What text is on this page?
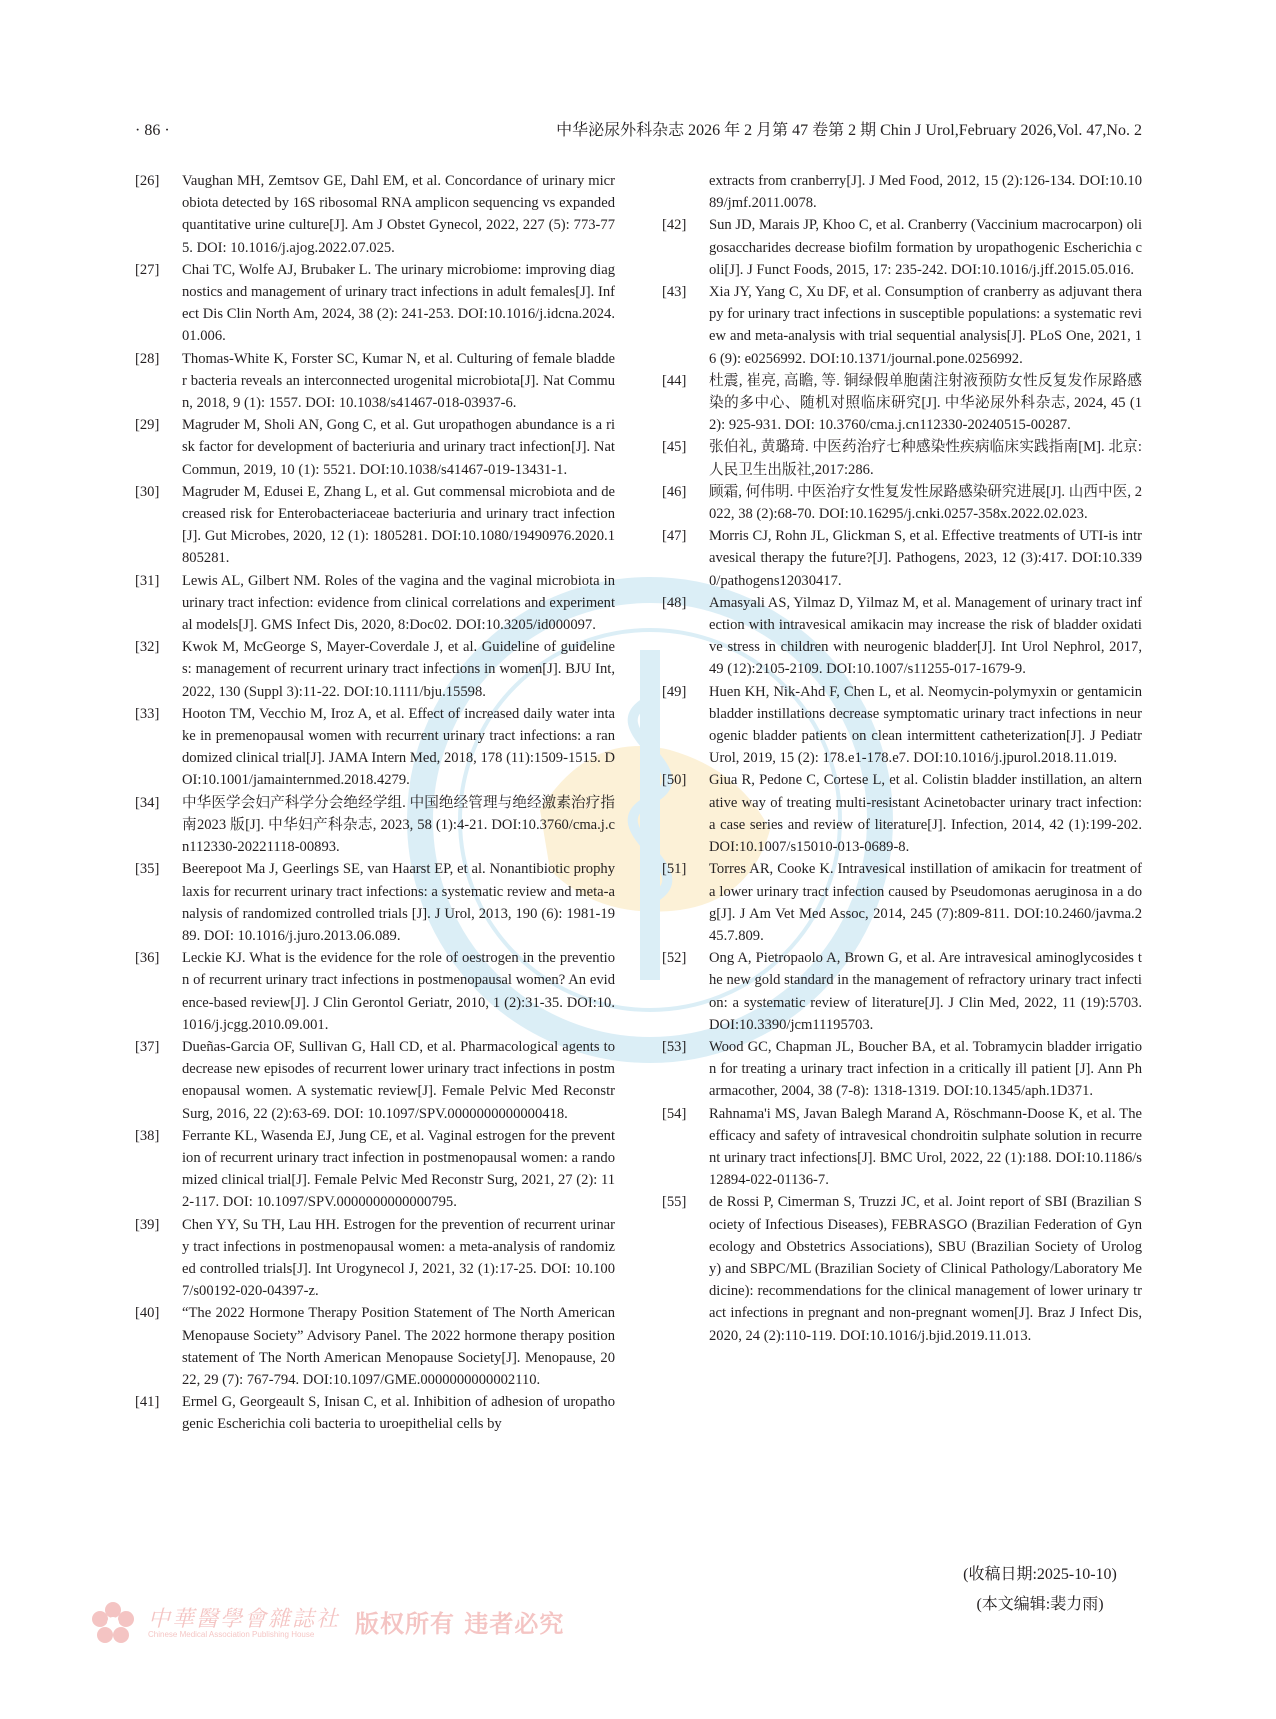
· 86 ·	中华泌尿外科杂志 2026 年 2 月第 47 卷第 2 期 Chin J Urol,February 2026,Vol. 47,No. 2
[26]	Vaughan MH, Zemtsov GE, Dahl EM, et al. Concordance of urinary microbiota detected by 16S ribosomal RNA amplicon sequencing vs expanded quantitative urine culture[J]. Am J Obstet Gynecol, 2022, 227 (5): 773-775. DOI: 10.1016/j.ajog.2022.07.025.
[27]	Chai TC, Wolfe AJ, Brubaker L. The urinary microbiome: improving diagnostics and management of urinary tract infections in adult females[J]. Infect Dis Clin North Am, 2024, 38 (2): 241-253. DOI:10.1016/j.idcna.2024.01.006.
[28]	Thomas-White K, Forster SC, Kumar N, et al. Culturing of female bladder bacteria reveals an interconnected urogenital microbiota[J]. Nat Commun, 2018, 9 (1): 1557. DOI: 10.1038/s41467-018-03937-6.
[29]	Magruder M, Sholi AN, Gong C, et al. Gut uropathogen abundance is a risk factor for development of bacteriuria and urinary tract infection[J]. Nat Commun, 2019, 10 (1): 5521. DOI:10.1038/s41467-019-13431-1.
[30]	Magruder M, Edusei E, Zhang L, et al. Gut commensal microbiota and decreased risk for Enterobacteriaceae bacteriuria and urinary tract infection[J]. Gut Microbes, 2020, 12 (1): 1805281. DOI:10.1080/19490976.2020.1805281.
[31]	Lewis AL, Gilbert NM. Roles of the vagina and the vaginal microbiota in urinary tract infection: evidence from clinical correlations and experimental models[J]. GMS Infect Dis, 2020, 8:Doc02. DOI:10.3205/id000097.
[32]	Kwok M, McGeorge S, Mayer-Coverdale J, et al. Guideline of guidelines: management of recurrent urinary tract infections in women[J]. BJU Int, 2022, 130 (Suppl 3):11-22. DOI:10.1111/bju.15598.
[33]	Hooton TM, Vecchio M, Iroz A, et al. Effect of increased daily water intake in premenopausal women with recurrent urinary tract infections: a randomized clinical trial[J]. JAMA Intern Med, 2018, 178 (11):1509-1515. DOI:10.1001/jamainternmed.2018.4279.
[34]	中华医学会妇产科学分会绝经学组. 中国绝经管理与绝经激素治疗指南2023 版[J]. 中华妇产科杂志, 2023, 58 (1):4-21. DOI:10.3760/cma.j.cn112330-20221118-00893.
[35]	Beerepoot Ma J, Geerlings SE, van Haarst EP, et al. Nonantibiotic prophylaxis for recurrent urinary tract infections: a systematic review and meta-analysis of randomized controlled trials [J]. J Urol, 2013, 190 (6): 1981-1989. DOI: 10.1016/j.juro.2013.06.089.
[36]	Leckie KJ. What is the evidence for the role of oestrogen in the prevention of recurrent urinary tract infections in postmenopausal women? An evidence-based review[J]. J Clin Gerontol Geriatr, 2010, 1 (2):31-35. DOI:10.1016/j.jcgg.2010.09.001.
[37]	Dueñas-Garcia OF, Sullivan G, Hall CD, et al. Pharmacological agents to decrease new episodes of recurrent lower urinary tract infections in postmenopausal women. A systematic review[J]. Female Pelvic Med Reconstr Surg, 2016, 22 (2):63-69. DOI: 10.1097/SPV.0000000000000418.
[38]	Ferrante KL, Wasenda EJ, Jung CE, et al. Vaginal estrogen for the prevention of recurrent urinary tract infection in postmenopausal women: a randomized clinical trial[J]. Female Pelvic Med Reconstr Surg, 2021, 27 (2): 112-117. DOI: 10.1097/SPV.0000000000000795.
[39]	Chen YY, Su TH, Lau HH. Estrogen for the prevention of recurrent urinary tract infections in postmenopausal women: a meta-analysis of randomized controlled trials[J]. Int Urogynecol J, 2021, 32 (1):17-25. DOI: 10.1007/s00192-020-04397-z.
[40]	“The 2022 Hormone Therapy Position Statement of The North American Menopause Society” Advisory Panel. The 2022 hormone therapy position statement of The North American Menopause Society[J]. Menopause, 2022, 29 (7): 767-794. DOI:10.1097/GME.0000000000002110.
[41]	Ermel G, Georgeault S, Inisan C, et al. Inhibition of adhesion of uropathogenic Escherichia coli bacteria to uroepithelial cells by
extracts from cranberry[J]. J Med Food, 2012, 15 (2):126-134. DOI:10.1089/jmf.2011.0078.
[42]	Sun JD, Marais JP, Khoo C, et al. Cranberry (Vaccinium macrocarpon) oligosaccharides decrease biofilm formation by uropathogenic Escherichia coli[J]. J Funct Foods, 2015, 17: 235-242. DOI:10.1016/j.jff.2015.05.016.
[43]	Xia JY, Yang C, Xu DF, et al. Consumption of cranberry as adjuvant therapy for urinary tract infections in susceptible populations: a systematic review and meta-analysis with trial sequential analysis[J]. PLoS One, 2021, 16 (9): e0256992. DOI:10.1371/journal.pone.0256992.
[44]	杜震, 崔亮, 高瞻, 等. 铜绿假单胞菌注射液预防女性反复发作尿路感染的多中心、随机对照临床研究[J]. 中华泌尿外科杂志, 2024, 45 (12): 925-931. DOI: 10.3760/cma.j.cn112330-20240515-00287.
[45]	张伯礼, 黄璐琦. 中医药治疗七种感染性疾病临床实践指南[M]. 北京:人民卫生出版社,2017:286.
[46]	顾霜, 何伟明. 中医治疗女性复发性尿路感染研究进展[J]. 山西中医, 2022, 38 (2):68-70. DOI:10.16295/j.cnki.0257-358x.2022.02.023.
[47]	Morris CJ, Rohn JL, Glickman S, et al. Effective treatments of UTI-is intravesical therapy the future?[J]. Pathogens, 2023, 12 (3):417. DOI:10.3390/pathogens12030417.
[48]	Amasyali AS, Yilmaz D, Yilmaz M, et al. Management of urinary tract infection with intravesical amikacin may increase the risk of bladder oxidative stress in children with neurogenic bladder[J]. Int Urol Nephrol, 2017, 49 (12):2105-2109. DOI:10.1007/s11255-017-1679-9.
[49]	Huen KH, Nik-Ahd F, Chen L, et al. Neomycin-polymyxin or gentamicin bladder instillations decrease symptomatic urinary tract infections in neurogenic bladder patients on clean intermittent catheterization[J]. J Pediatr Urol, 2019, 15 (2): 178.e1-178.e7. DOI:10.1016/j.jpurol.2018.11.019.
[50]	Giua R, Pedone C, Cortese L, et al. Colistin bladder instillation, an alternative way of treating multi-resistant Acinetobacter urinary tract infection: a case series and review of literature[J]. Infection, 2014, 42 (1):199-202. DOI:10.1007/s15010-013-0689-8.
[51]	Torres AR, Cooke K. Intravesical instillation of amikacin for treatment of a lower urinary tract infection caused by Pseudomonas aeruginosa in a dog[J]. J Am Vet Med Assoc, 2014, 245 (7):809-811. DOI:10.2460/javma.245.7.809.
[52]	Ong A, Pietropaolo A, Brown G, et al. Are intravesical aminoglycosides the new gold standard in the management of refractory urinary tract infection: a systematic review of literature[J]. J Clin Med, 2022, 11 (19):5703. DOI:10.3390/jcm11195703.
[53]	Wood GC, Chapman JL, Boucher BA, et al. Tobramycin bladder irrigation for treating a urinary tract infection in a critically ill patient [J]. Ann Pharmacother, 2004, 38 (7-8): 1318-1319. DOI:10.1345/aph.1D371.
[54]	Rahnama'i MS, Javan Balegh Marand A, Röschmann-Doose K, et al. The efficacy and safety of intravesical chondroitin sulphate solution in recurrent urinary tract infections[J]. BMC Urol, 2022, 22 (1):188. DOI:10.1186/s12894-022-01136-7.
[55]	de Rossi P, Cimerman S, Truzzi JC, et al. Joint report of SBI (Brazilian Society of Infectious Diseases), FEBRASGO (Brazilian Federation of Gynecology and Obstetrics Associations), SBU (Brazilian Society of Urology) and SBPC/ML (Brazilian Society of Clinical Pathology/Laboratory Medicine): recommendations for the clinical management of lower urinary tract infections in pregnant and non-pregnant women[J]. Braz J Infect Dis, 2020, 24 (2):110-119. DOI:10.1016/j.bjid.2019.11.013.
(收稿日期:2025-10-10)
(本文编辑:裴力雨)
中華醫學會雜誌社
Chinese Medical Association Publishing House 版权所有 违者必究
